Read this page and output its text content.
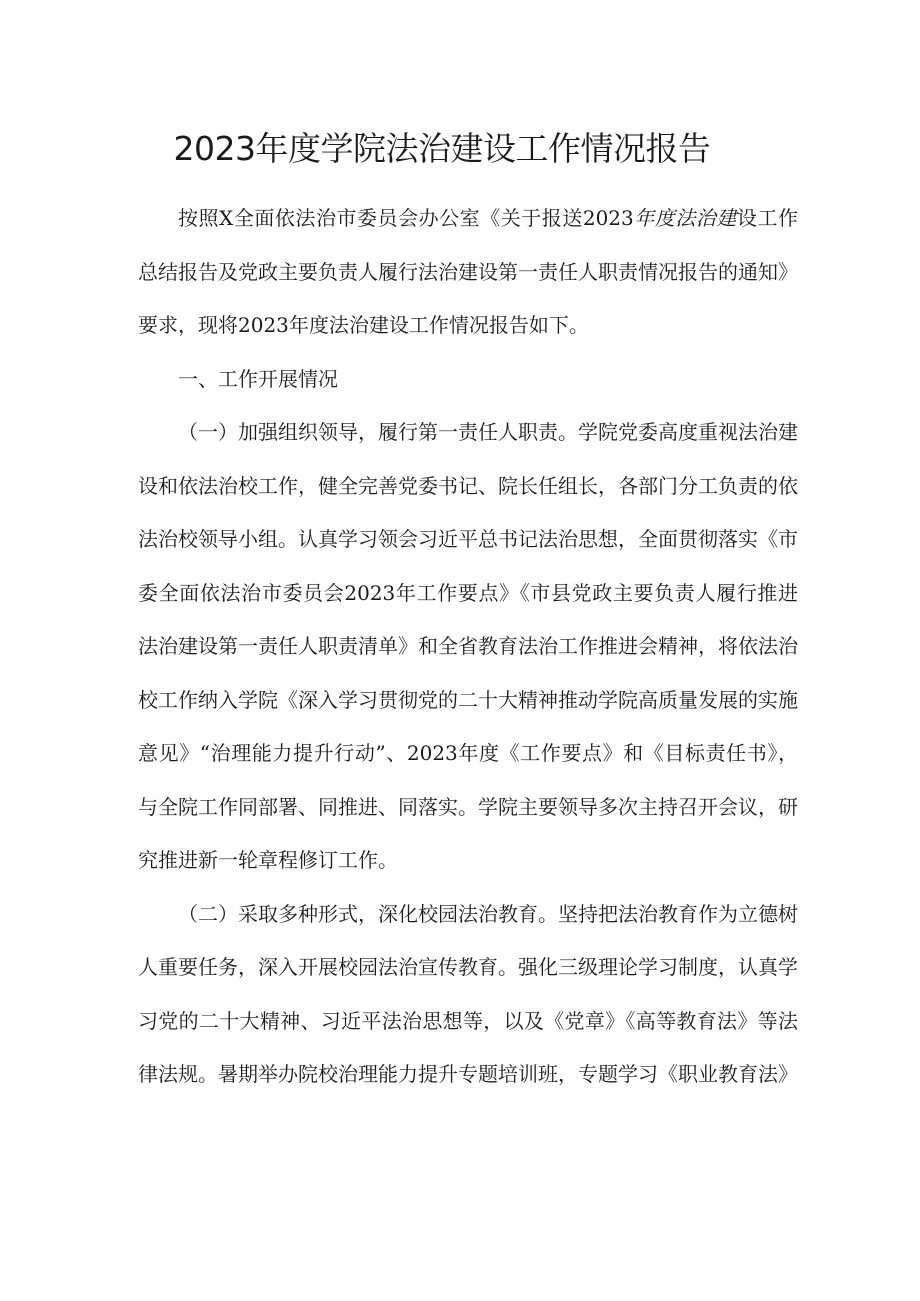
2023年度学院法治建设工作情况报告

按照X全面依法治市委员会办公室《关于报送2023年度法治建设工作总结报告及党政主要负责人履行法治建设第一责任人职责情况报告的通知》要求，现将2023年度法治建设工作情况报告如下。

一、工作开展情况

（一）加强组织领导，履行第一责任人职责。学院党委高度重视法治建设和依法治校工作，健全完善党委书记、院长任组长，各部门分工负责的依法治校领导小组。认真学习领会习近平总书记法治思想，全面贯彻落实《市委全面依法治市委员会2023年工作要点》《市县党政主要负责人履行推进法治建设第一责任人职责清单》和全省教育法治工作推进会精神，将依法治校工作纳入学院《深入学习贯彻党的二十大精神推动学院高质量发展的实施意见》“治理能力提升行动”、2023年度《工作要点》和《目标责任书》，与全院工作同部署、同推进、同落实。学院主要领导多次主持召开会议，研究推进新一轮章程修订工作。

（二）采取多种形式，深化校园法治教育。坚持把法治教育作为立德树人重要任务，深入开展校园法治宣传教育。强化三级理论学习制度，认真学习党的二十大精神、习近平法治思想等，以及《党章》《高等教育法》等法律法规。暑期举办院校治理能力提升专题培训班，专题学习《职业教育法》
